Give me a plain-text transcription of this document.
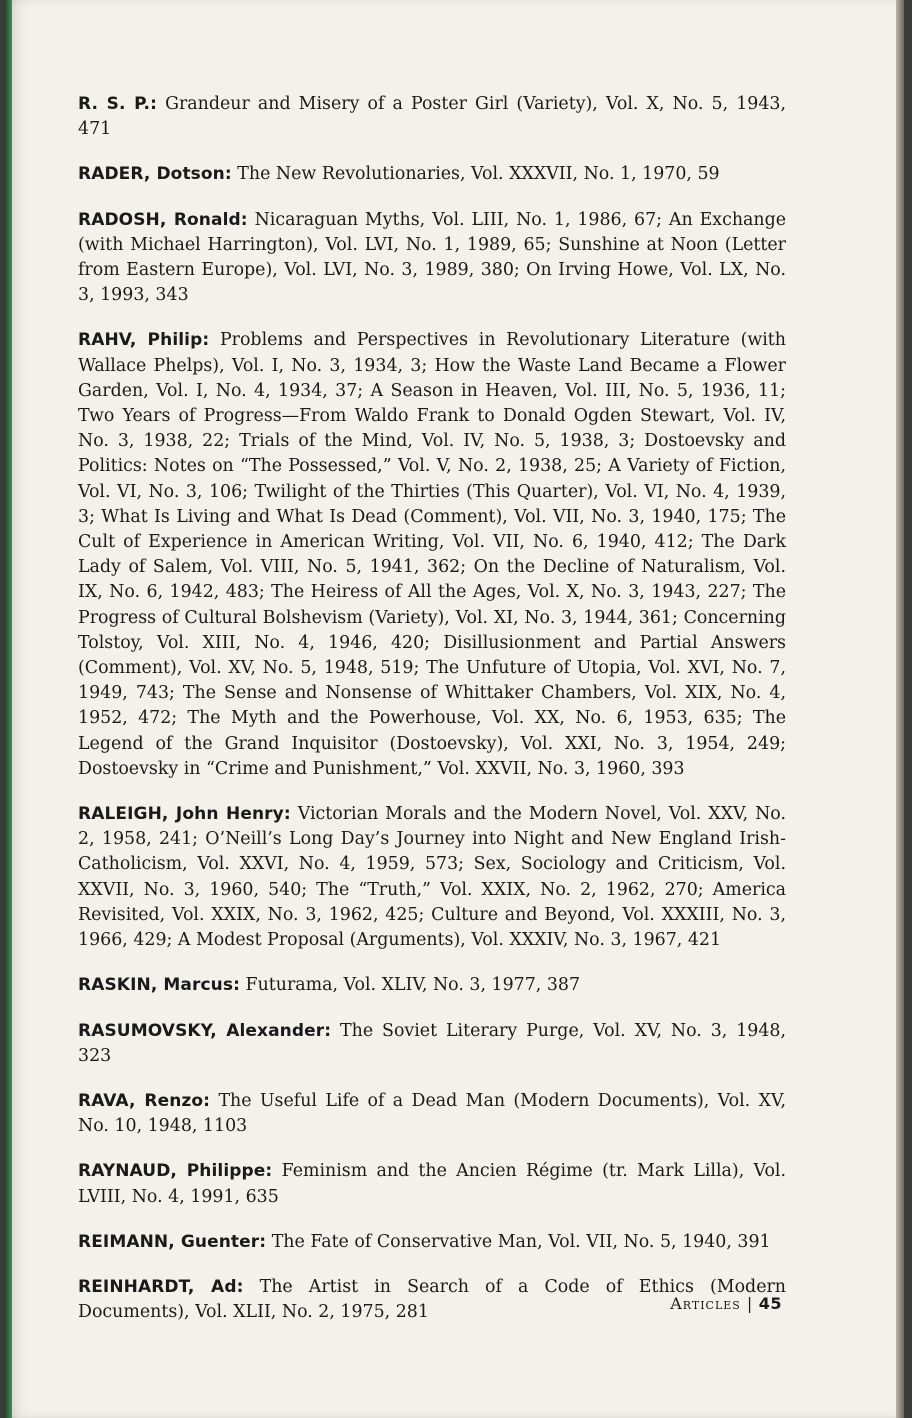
R. S. P.: Grandeur and Misery of a Poster Girl (Variety), Vol. X, No. 5, 1943, 471

RADER, Dotson: The New Revolutionaries, Vol. XXXVII, No. 1, 1970, 59

RADOSH, Ronald: Nicaraguan Myths, Vol. LIII, No. 1, 1986, 67; An Exchange (with Michael Harrington), Vol. LVI, No. 1, 1989, 65; Sunshine at Noon (Letter from Eastern Europe), Vol. LVI, No. 3, 1989, 380; On Irving Howe, Vol. LX, No. 3, 1993, 343

RAHV, Philip: Problems and Perspectives in Revolutionary Literature (with Wallace Phelps), Vol. I, No. 3, 1934, 3; How the Waste Land Became a Flower Garden, Vol. I, No. 4, 1934, 37; A Season in Heaven, Vol. III, No. 5, 1936, 11; Two Years of Progress—From Waldo Frank to Donald Ogden Stewart, Vol. IV, No. 3, 1938, 22; Trials of the Mind, Vol. IV, No. 5, 1938, 3; Dostoevsky and Politics: Notes on “The Possessed,” Vol. V, No. 2, 1938, 25; A Variety of Fiction, Vol. VI, No. 3, 106; Twilight of the Thirties (This Quarter), Vol. VI, No. 4, 1939, 3; What Is Living and What Is Dead (Comment), Vol. VII, No. 3, 1940, 175; The Cult of Experience in American Writing, Vol. VII, No. 6, 1940, 412; The Dark Lady of Salem, Vol. VIII, No. 5, 1941, 362; On the Decline of Naturalism, Vol. IX, No. 6, 1942, 483; The Heiress of All the Ages, Vol. X, No. 3, 1943, 227; The Progress of Cultural Bolshevism (Variety), Vol. XI, No. 3, 1944, 361; Concerning Tolstoy, Vol. XIII, No. 4, 1946, 420; Disillusionment and Partial Answers (Comment), Vol. XV, No. 5, 1948, 519; The Unfuture of Utopia, Vol. XVI, No. 7, 1949, 743; The Sense and Nonsense of Whittaker Chambers, Vol. XIX, No. 4, 1952, 472; The Myth and the Powerhouse, Vol. XX, No. 6, 1953, 635; The Legend of the Grand Inquisitor (Dostoevsky), Vol. XXI, No. 3, 1954, 249; Dostoevsky in “Crime and Punishment,” Vol. XXVII, No. 3, 1960, 393

RALEIGH, John Henry: Victorian Morals and the Modern Novel, Vol. XXV, No. 2, 1958, 241; O’Neill’s Long Day’s Journey into Night and New England Irish-Catholicism, Vol. XXVI, No. 4, 1959, 573; Sex, Sociology and Criticism, Vol. XXVII, No. 3, 1960, 540; The “Truth,” Vol. XXIX, No. 2, 1962, 270; America Revisited, Vol. XXIX, No. 3, 1962, 425; Culture and Beyond, Vol. XXXIII, No. 3, 1966, 429; A Modest Proposal (Arguments), Vol. XXXIV, No. 3, 1967, 421

RASKIN, Marcus: Futurama, Vol. XLIV, No. 3, 1977, 387

RASUMOVSKY, Alexander: The Soviet Literary Purge, Vol. XV, No. 3, 1948, 323

RAVA, Renzo: The Useful Life of a Dead Man (Modern Documents), Vol. XV, No. 10, 1948, 1103

RAYNAUD, Philippe: Feminism and the Ancien Régime (tr. Mark Lilla), Vol. LVIII, No. 4, 1991, 635

REIMANN, Guenter: The Fate of Conservative Man, Vol. VII, No. 5, 1940, 391

REINHARDT, Ad: The Artist in Search of a Code of Ethics (Modern Documents), Vol. XLII, No. 2, 1975, 281	Articles | 45
